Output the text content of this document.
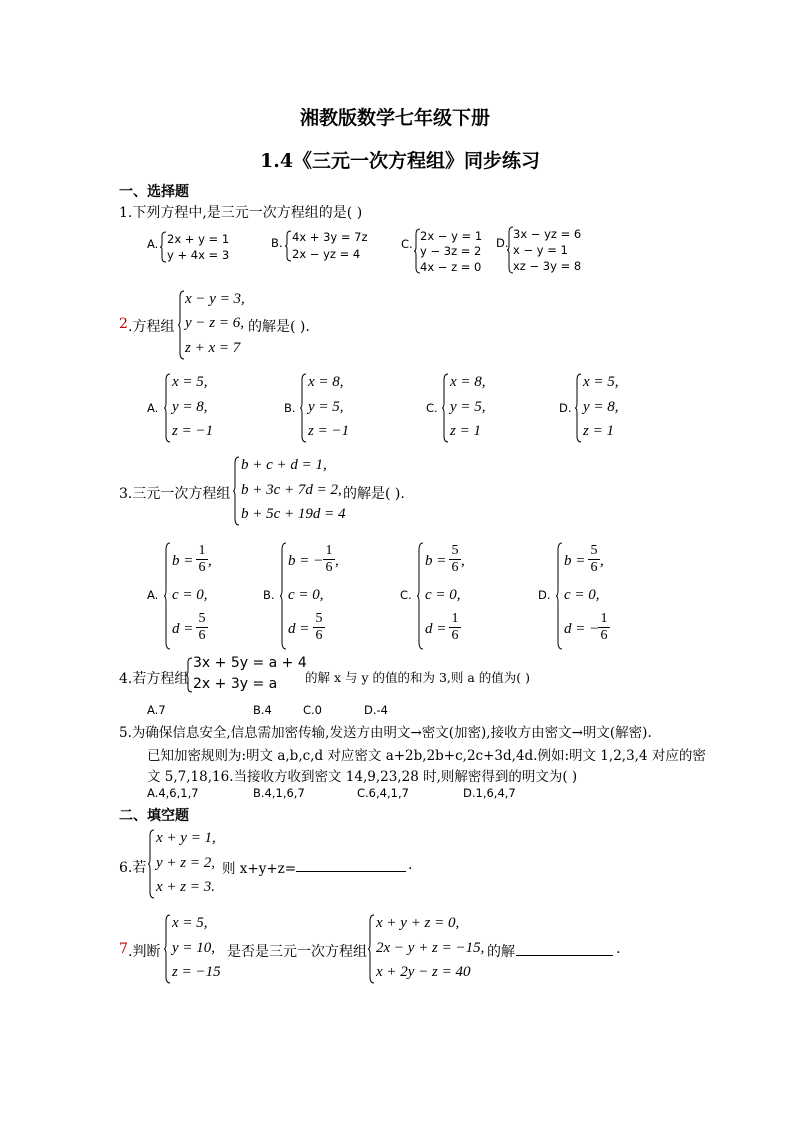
湘教版数学七年级下册
1.4《三元一次方程组》同步练习
一、选择题
1.下列方程中,是三元一次方程组的是( )
A. 2x + y = 1
y + 4x = 3
B. 4x + 3y = 7z
2x − yz = 4
C.
2x − y = 1
y − 3z = 2
4x − z = 0
D.
3x − yz = 6
x − y = 1
xz − 3y = 8
2 .方程组
x − y = 3,
y − z = 6,
z + x = 7
的解是( ).
A.
x = 5,
y = 8,
z = −1
B.
x = 8,
y = 5,
z = −1
C.
x = 8,
y = 5,
z = 1
D.
x = 5,
y = 8,
z = 1
3.三元一次方程组
b + c + d = 1,
b + 3c + 7d = 2,
b + 5c + 19d = 4
的解是( ).
A.
$b = \frac{1}{6}$ ,
c = 0,
$d = \frac{5}{6}$
B.
b = − $\frac{1}{6}$ ,
c = 0,
$d = \frac{5}{6}$
C.
$b = \frac{5}{6}$ ,
c = 0,
$d = \frac{1}{6}$
D.
$b = \frac{5}{6}$ ,
c = 0,
d = −
$\frac{1}{6}$
4.若方程组
3x + 5y = a + 4
2x + 3y = a 的解 x 与 y 的值的和为 3,则 a 的值为( )
A.7	B.4	C.0	D.-4
5.为确保信息安全,信息需加密传输,发送方由明文→密文(加密),接收方由密文→明文(解密).
已知加密规则为:明文 a,b,c,d 对应密文 a+2b,2b+c,2c+3d,4d.例如:明文 1,2,3,4 对应的密
文 5,7,18,16.当接收方收到密文 14,9,23,28 时,则解密得到的明文为( )
A.4,6,1,7	B.4,1,6,7	C.6,4,1,7	D.1,6,4,7
二、填空题
6.若
x + y = 1,
y + z = 2,
x + z = 3.
则 x+y+z=	.
7 .判断
x = 5,
y = 10,
z = −15
是否是三元一次方程组
x + y + z = 0,
2x − y + z = −15,
x + 2y − z = 40
的解	.
